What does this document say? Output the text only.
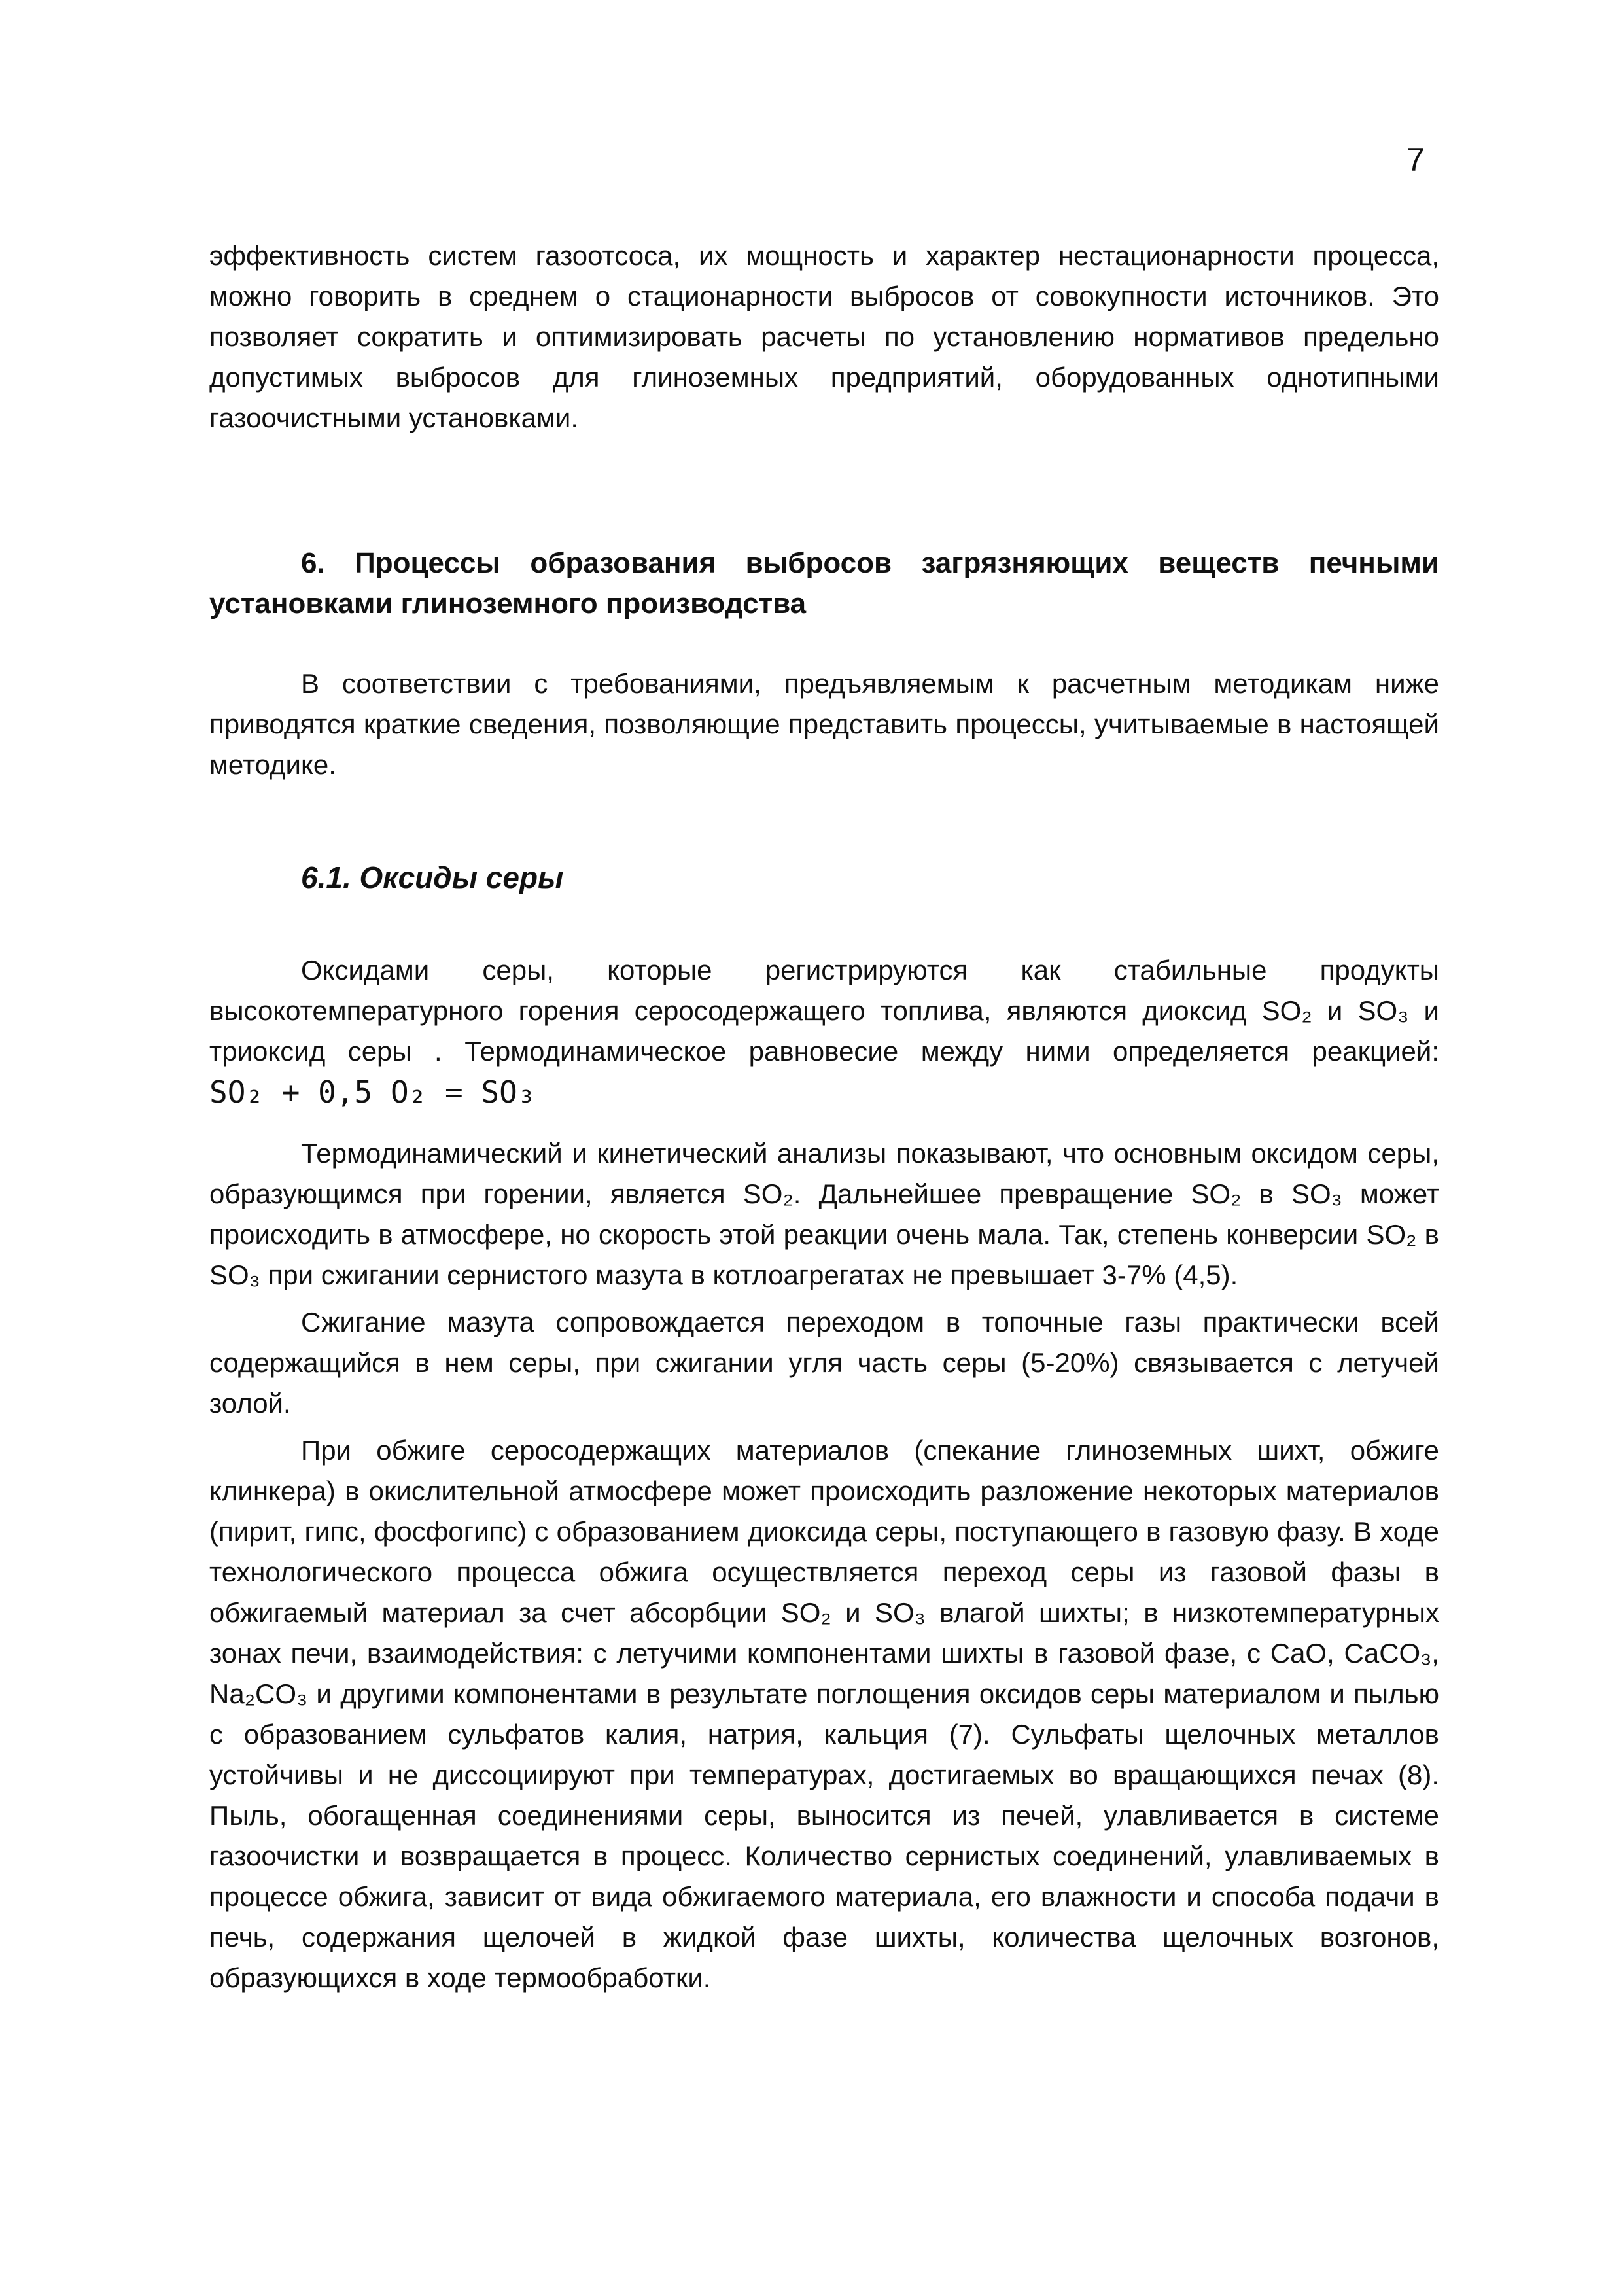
7

эффективность систем газоотсоса, их мощность и характер нестационарности процесса, можно говорить в среднем о стационарности выбросов от совокупности источников. Это позволяет сократить и оптимизировать расчеты по установлению нормативов предельно допустимых выбросов для глиноземных предприятий, оборудованных однотипными газоочистными установками.

6. Процессы образования выбросов загрязняющих веществ печными установками глиноземного производства

В соответствии с требованиями, предъявляемым к расчетным методикам ниже приводятся краткие сведения, позволяющие представить процессы, учитываемые в настоящей методике.

6.1. Оксиды серы

Оксидами серы, которые регистрируются как стабильные продукты высокотемпературного горения серосодержащего топлива, являются диоксид SO₂ и SO₃ и триоксид серы . Термодинамическое равновесие между ними определяется реакцией: SO₂ + 0,5 O₂ = SO₃

Термодинамический и кинетический анализы показывают, что основным оксидом серы, образующимся при горении, является SO₂. Дальнейшее превращение SO₂ в SO₃ может происходить в атмосфере, но скорость этой реакции очень мала. Так, степень конверсии SO₂ в SO₃ при сжигании сернистого мазута в котлоагрегатах не превышает 3-7% (4,5).

Сжигание мазута сопровождается переходом в топочные газы практически всей содержащийся в нем серы, при сжигании угля часть серы (5-20%) связывается с летучей золой.

При обжиге серосодержащих материалов (спекание глиноземных шихт, обжиге клинкера) в окислительной атмосфере может происходить разложение некоторых материалов (пирит, гипс, фосфогипс) с образованием диоксида серы, поступающего в газовую фазу. В ходе технологического процесса обжига осуществляется переход серы из газовой фазы в обжигаемый материал за счет абсорбции SO₂ и SO₃ влагой шихты; в низкотемпературных зонах печи, взаимодействия: с летучими компонентами шихты в газовой фазе, с CaO, CaCO₃, Na₂CO₃ и другими компонентами в результате поглощения оксидов серы материалом и пылью с образованием сульфатов калия, натрия, кальция (7). Сульфаты щелочных металлов устойчивы и не диссоциируют при температурах, достигаемых во вращающихся печах (8). Пыль, обогащенная соединениями серы, выносится из печей, улавливается в системе газоочистки и возвращается в процесс. Количество сернистых соединений, улавливаемых в процессе обжига, зависит от вида обжигаемого материала, его влажности и способа подачи в печь, содержания щелочей в жидкой фазе шихты, количества щелочных возгонов, образующихся в ходе термообработки.
